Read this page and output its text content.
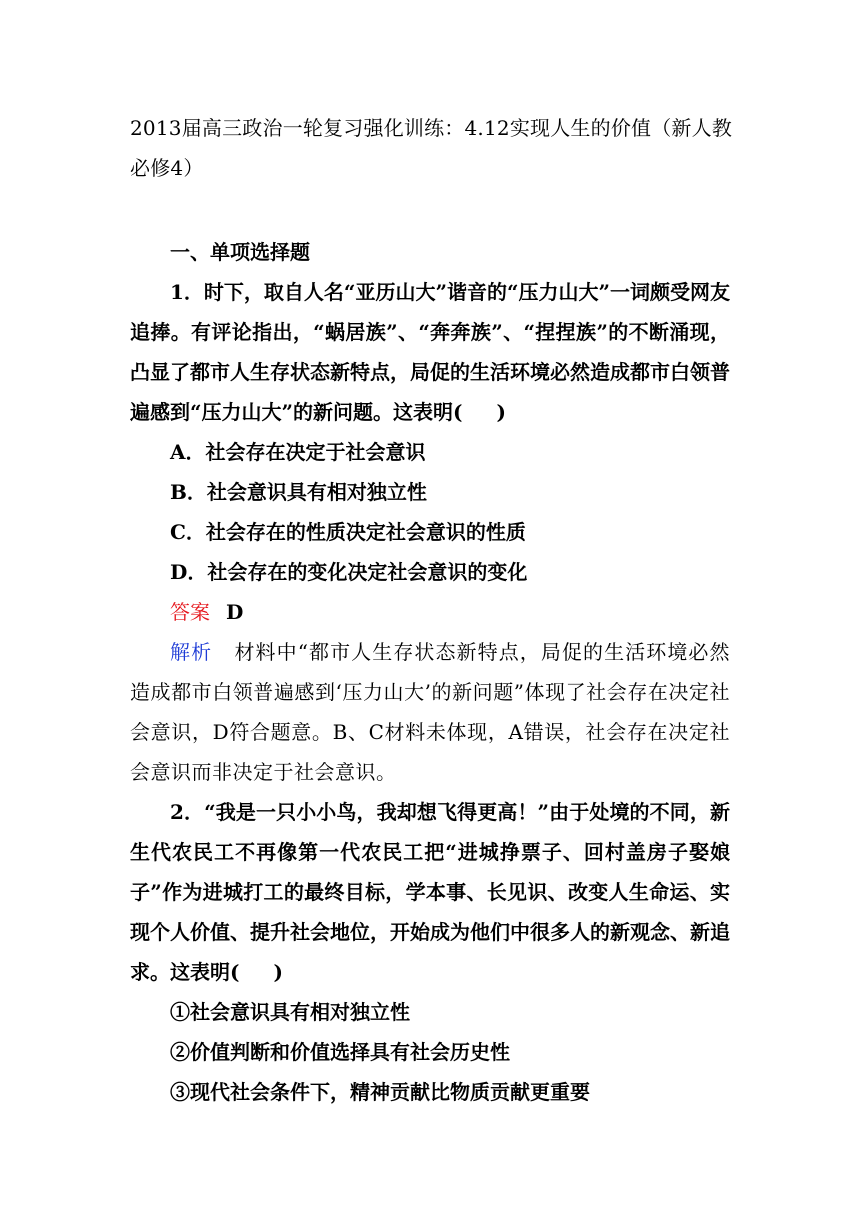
2013届高三政治一轮复习强化训练：4.12实现人生的价值（新人教必修4）

一、单项选择题

1．时下，取自人名“亚历山大”谐音的“压力山大”一词颇受网友追捧。有评论指出，“蜗居族”、“奔奔族”、“捏捏族”的不断涌现，凸显了都市人生存状态新特点，局促的生活环境必然造成都市白领普遍感到“压力山大”的新问题。这表明( )

A．社会存在决定于社会意识

B．社会意识具有相对独立性

C．社会存在的性质决定社会意识的性质

D．社会存在的变化决定社会意识的变化

答案 D

解析 材料中“都市人生存状态新特点，局促的生活环境必然造成都市白领普遍感到‘压力山大’的新问题”体现了社会存在决定社会意识，D符合题意。B、C材料未体现，A错误，社会存在决定社会意识而非决定于社会意识。

2．“我是一只小小鸟，我却想飞得更高！”由于处境的不同，新生代农民工不再像第一代农民工把“进城挣票子、回村盖房子娶娘子”作为进城打工的最终目标，学本事、长见识、改变人生命运、实现个人价值、提升社会地位，开始成为他们中很多人的新观念、新追求。这表明( )

①社会意识具有相对独立性

②价值判断和价值选择具有社会历史性

③现代社会条件下，精神贡献比物质贡献更重要
